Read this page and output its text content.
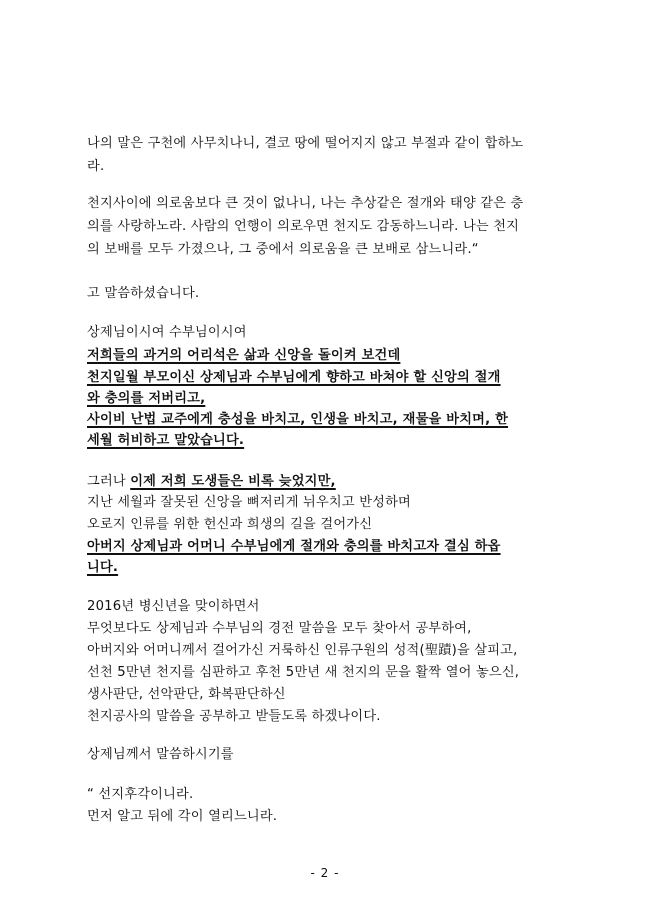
나의 말은 구천에 사무치나니, 결코 땅에 떨어지지 않고 부절과 같이 합하노
라.
천지사이에 의로움보다 큰 것이 없나니, 나는 추상같은 절개와 태양 같은 충
의를 사랑하노라. 사람의 언행이 의로우면 천지도 감동하느니라. 나는 천지
의 보배를 모두 가졌으나, 그 중에서 의로움을 큰 보배로 삼느니라.“
고 말씀하셨습니다.
상제님이시여 수부님이시여
저희들의 과거의 어리석은 삶과 신앙을 돌이켜 보건데
천지일월 부모이신 상제님과 수부님에게 향하고 바쳐야 할 신앙의 절개
와 충의를 저버리고,
사이비 난법 교주에게 충성을 바치고, 인생을 바치고, 재물을 바치며, 한
세월 허비하고 말았습니다.
그러나 이제 저희 도생들은 비록 늦었지만,
지난 세월과 잘못된 신앙을 뼈저리게 뉘우치고 반성하며
오로지 인류를 위한 헌신과 희생의 길을 걸어가신
아버지 상제님과 어머니 수부님에게 절개와 충의를 바치고자 결심 하옵
니다.
2016년 병신년을 맞이하면서
무엇보다도 상제님과 수부님의 경전 말씀을 모두 찾아서 공부하여,
아버지와 어머니께서 걸어가신 거룩하신 인류구원의 성적(聖蹟)을 살피고,
선천 5만년 천지를 심판하고 후천 5만년 새 천지의 문을 활짝 열어 놓으신,
생사판단, 선악판단, 화복판단하신
천지공사의 말씀을 공부하고 받들도록 하겠나이다.
상제님께서 말씀하시기를
“ 선지후각이니라.
먼저 알고 뒤에 각이 열리느니라.
- 2 -
